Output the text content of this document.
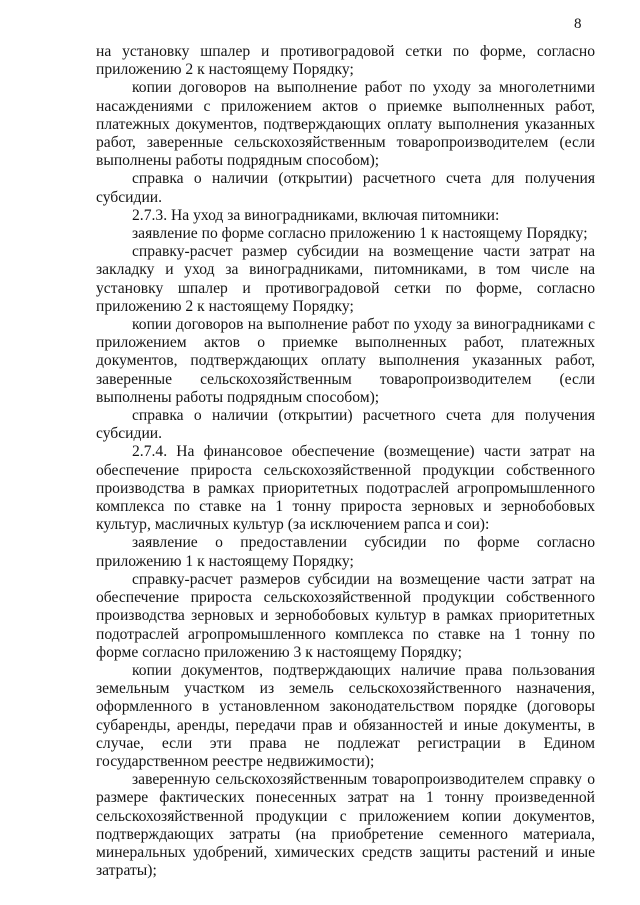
8

на установку шпалер и противоградовой сетки по форме, согласно приложению 2 к настоящему Порядку;

копии договоров на выполнение работ по уходу за многолетними насаждениями с приложением актов о приемке выполненных работ, платежных документов, подтверждающих оплату выполнения указанных работ, заверенные сельскохозяйственным товаропроизводителем (если выполнены работы подрядным способом);

справка о наличии (открытии) расчетного счета для получения субсидии.

2.7.3. На уход за виноградниками, включая питомники:

заявление по форме согласно приложению 1 к настоящему Порядку;

справку-расчет размер субсидии на возмещение части затрат на закладку и уход за виноградниками, питомниками, в том числе на установку шпалер и противоградовой сетки по форме, согласно приложению 2 к настоящему Порядку;

копии договоров на выполнение работ по уходу за виноградниками с приложением актов о приемке выполненных работ, платежных документов, подтверждающих оплату выполнения указанных работ, заверенные сельскохозяйственным товаропроизводителем (если выполнены работы подрядным способом);

справка о наличии (открытии) расчетного счета для получения субсидии.

2.7.4. На финансовое обеспечение (возмещение) части затрат на обеспечение прироста сельскохозяйственной продукции собственного производства в рамках приоритетных подотраслей агропромышленного комплекса по ставке на 1 тонну прироста зерновых и зернобобовых культур, масличных культур (за исключением рапса и сои):

заявление о предоставлении субсидии по форме согласно приложению 1 к настоящему Порядку;

справку-расчет размеров субсидии на возмещение части затрат на обеспечение прироста сельскохозяйственной продукции собственного производства зерновых и зернобобовых культур в рамках приоритетных подотраслей агропромышленного комплекса по ставке на 1 тонну по форме согласно приложению 3 к настоящему Порядку;

копии документов, подтверждающих наличие права пользования земельным участком из земель сельскохозяйственного назначения, оформленного в установленном законодательством порядке (договоры субаренды, аренды, передачи прав и обязанностей и иные документы, в случае, если эти права не подлежат регистрации в Едином государственном реестре недвижимости);

заверенную сельскохозяйственным товаропроизводителем справку о размере фактических понесенных затрат на 1 тонну произведенной сельскохозяйственной продукции с приложением копии документов, подтверждающих затраты (на приобретение семенного материала, минеральных удобрений, химических средств защиты растений и иные затраты);
